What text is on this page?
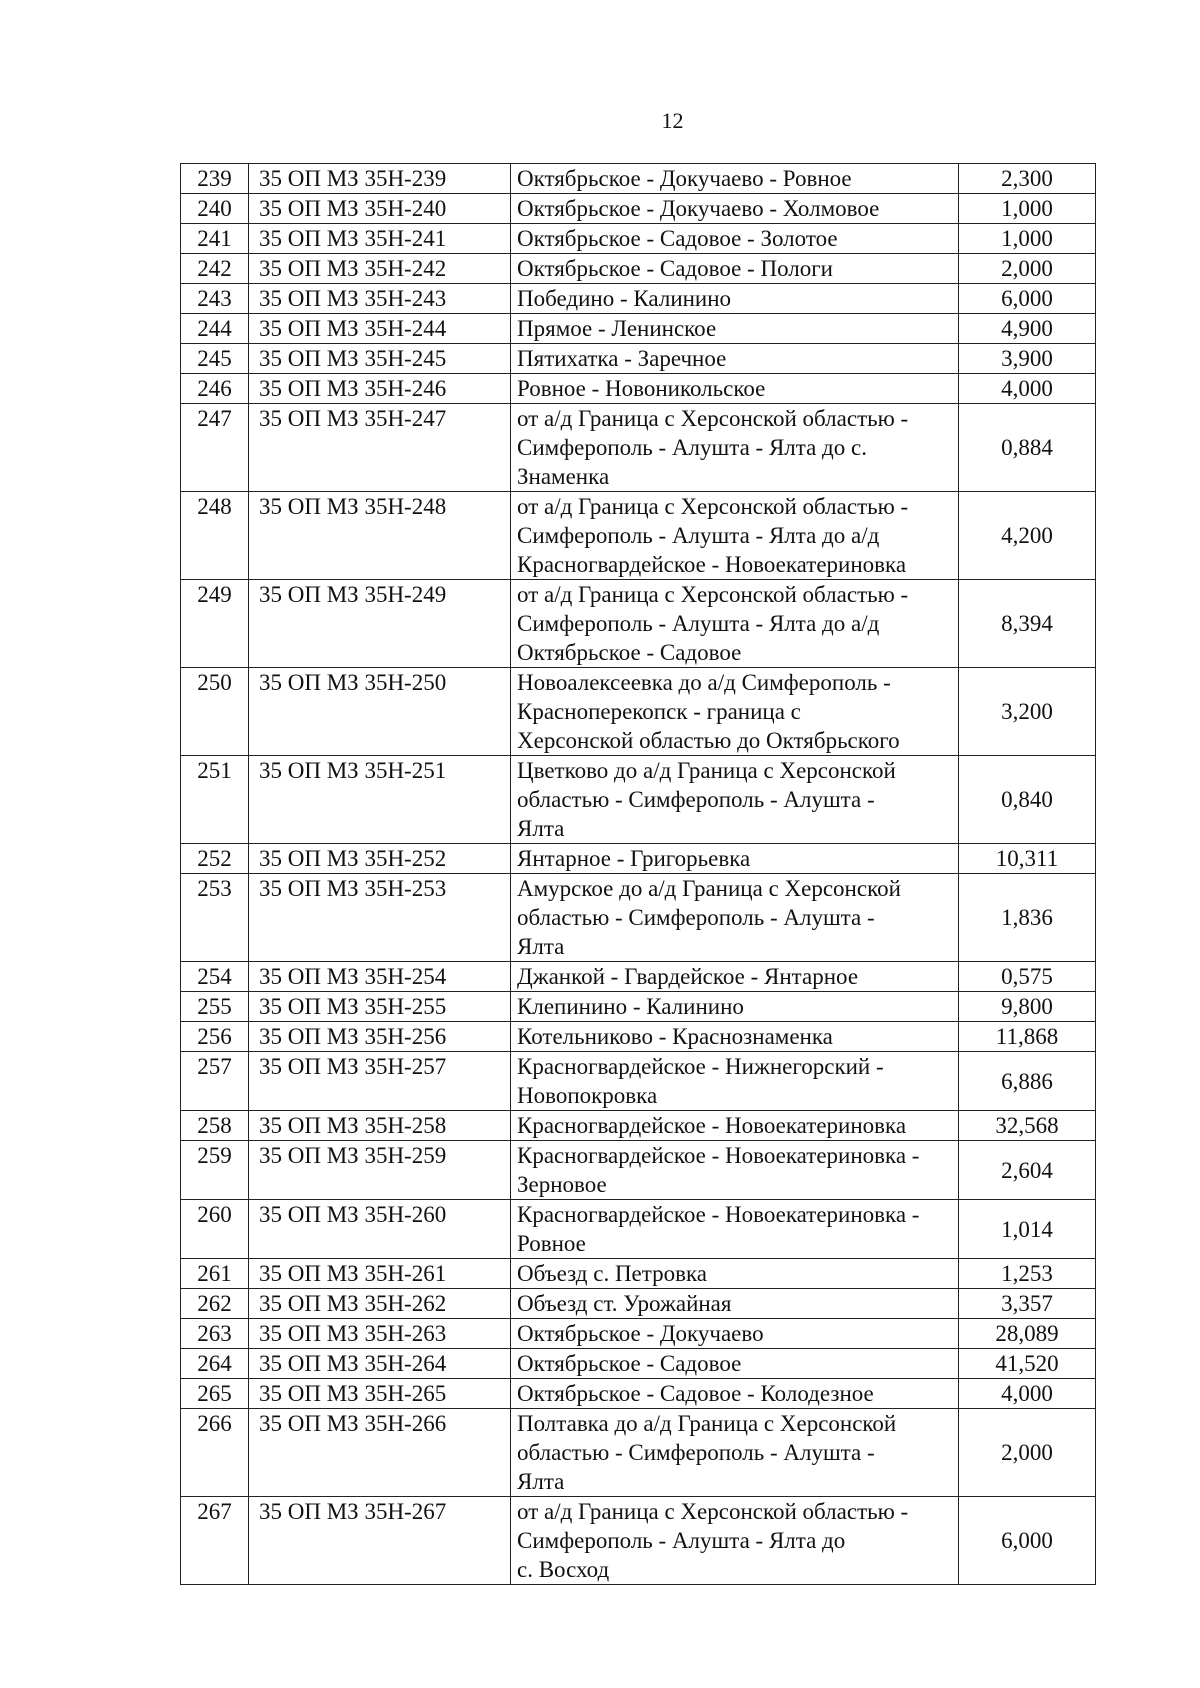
12
239	35 ОП МЗ 35Н-239	Октябрьское - Докучаево - Ровное	2,300
240	35 ОП МЗ 35Н-240	Октябрьское - Докучаево - Холмовое	1,000
241	35 ОП МЗ 35Н-241	Октябрьское - Садовое - Золотое	1,000
242	35 ОП МЗ 35Н-242	Октябрьское - Садовое - Пологи	2,000
243	35 ОП МЗ 35Н-243	Победино - Калинино	6,000
244	35 ОП МЗ 35Н-244	Прямое - Ленинское	4,900
245	35 ОП МЗ 35Н-245	Пятихатка - Заречное	3,900
246	35 ОП МЗ 35Н-246	Ровное - Новоникольское	4,000
247	35 ОП МЗ 35Н-247	от а/д Граница с Херсонской областью -
Симферополь - Алушта - Ялта до с.
Знаменка	0,884
248	35 ОП МЗ 35Н-248	от а/д Граница с Херсонской областью -
Симферополь - Алушта - Ялта до а/д
Красногвардейское - Новоекатериновка	4,200
249	35 ОП МЗ 35Н-249	от а/д Граница с Херсонской областью -
Симферополь - Алушта - Ялта до а/д
Октябрьское - Садовое	8,394
250	35 ОП МЗ 35Н-250	Новоалексеевка до а/д Симферополь -
Красноперекопск - граница с
Херсонской областью до Октябрьского	3,200
251	35 ОП МЗ 35Н-251	Цветково до а/д Граница с Херсонской
областью - Симферополь - Алушта -
Ялта	0,840
252	35 ОП МЗ 35Н-252	Янтарное - Григорьевка	10,311
253	35 ОП МЗ 35Н-253	Амурское до а/д Граница с Херсонской
областью - Симферополь - Алушта -
Ялта	1,836
254	35 ОП МЗ 35Н-254	Джанкой - Гвардейское - Янтарное	0,575
255	35 ОП МЗ 35Н-255	Клепинино - Калинино	9,800
256	35 ОП МЗ 35Н-256	Котельниково - Краснознаменка	11,868
257	35 ОП МЗ 35Н-257	Красногвардейское - Нижнегорский -
Новопокровка	6,886
258	35 ОП МЗ 35Н-258	Красногвардейское - Новоекатериновка	32,568
259	35 ОП МЗ 35Н-259	Красногвардейское - Новоекатериновка -
Зерновое	2,604
260	35 ОП МЗ 35Н-260	Красногвардейское - Новоекатериновка -
Ровное	1,014
261	35 ОП МЗ 35Н-261	Объезд с. Петровка	1,253
262	35 ОП МЗ 35Н-262	Объезд ст. Урожайная	3,357
263	35 ОП МЗ 35Н-263	Октябрьское - Докучаево	28,089
264	35 ОП МЗ 35Н-264	Октябрьское - Садовое	41,520
265	35 ОП МЗ 35Н-265	Октябрьское - Садовое - Колодезное	4,000
266	35 ОП МЗ 35Н-266	Полтавка до а/д Граница с Херсонской
областью - Симферополь - Алушта -
Ялта	2,000
267	35 ОП МЗ 35Н-267	от а/д Граница с Херсонской областью -
Симферополь - Алушта - Ялта до
с. Восход	6,000
